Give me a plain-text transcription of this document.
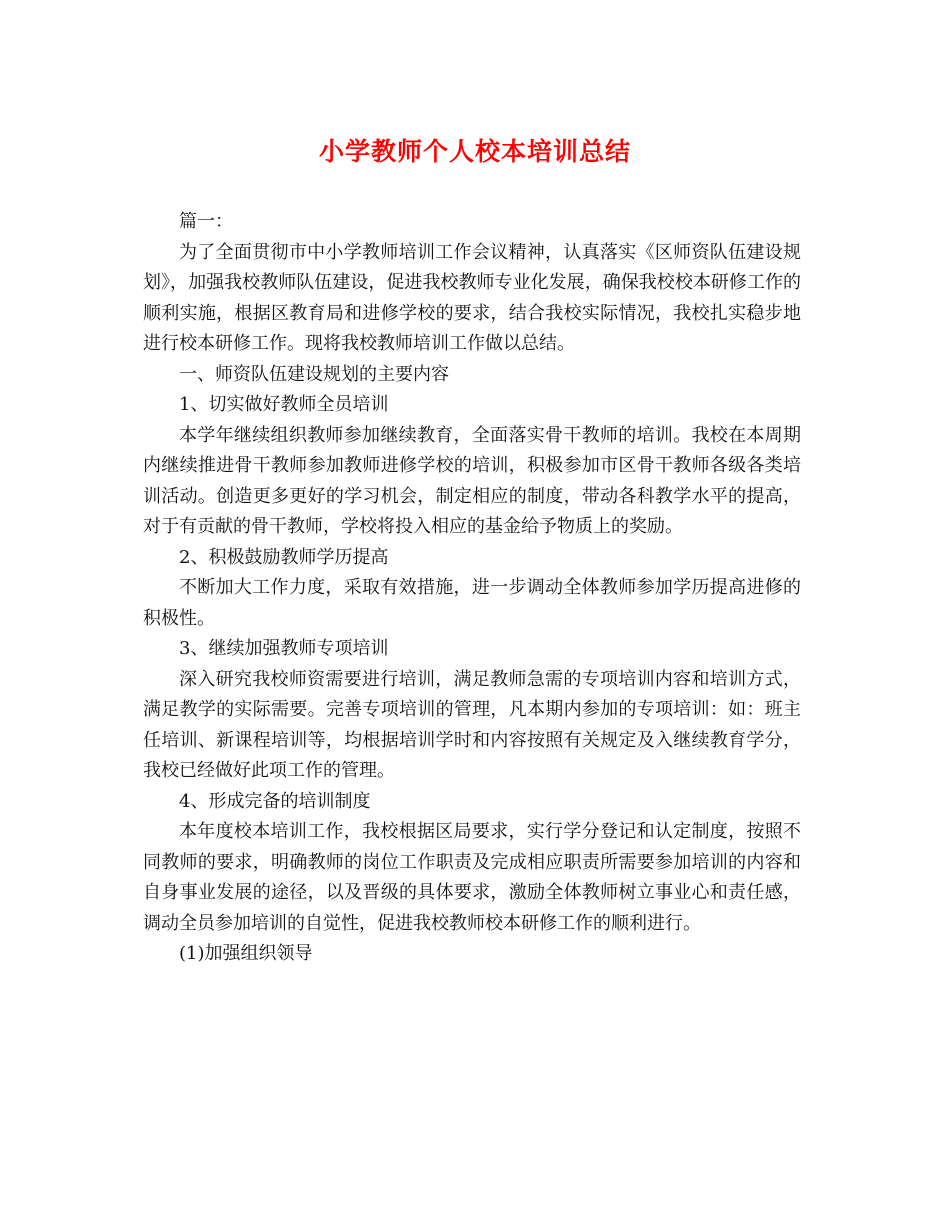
小学教师个人校本培训总结

篇一：

为了全面贯彻市中小学教师培训工作会议精神，认真落实《区师资队伍建设规划》，加强我校教师队伍建设，促进我校教师专业化发展，确保我校校本研修工作的顺利实施，根据区教育局和进修学校的要求，结合我校实际情况，我校扎实稳步地进行校本研修工作。现将我校教师培训工作做以总结。

一、师资队伍建设规划的主要内容

1、切实做好教师全员培训

本学年继续组织教师参加继续教育，全面落实骨干教师的培训。我校在本周期内继续推进骨干教师参加教师进修学校的培训，积极参加市区骨干教师各级各类培训活动。创造更多更好的学习机会，制定相应的制度，带动各科教学水平的提高，对于有贡献的骨干教师，学校将投入相应的基金给予物质上的奖励。

2、积极鼓励教师学历提高

不断加大工作力度，采取有效措施，进一步调动全体教师参加学历提高进修的积极性。

3、继续加强教师专项培训

深入研究我校师资需要进行培训，满足教师急需的专项培训内容和培训方式，满足教学的实际需要。完善专项培训的管理，凡本期内参加的专项培训：如：班主任培训、新课程培训等，均根据培训学时和内容按照有关规定及入继续教育学分，我校已经做好此项工作的管理。

4、形成完备的培训制度

本年度校本培训工作，我校根据区局要求，实行学分登记和认定制度，按照不同教师的要求，明确教师的岗位工作职责及完成相应职责所需要参加培训的内容和自身事业发展的途径，以及晋级的具体要求，激励全体教师树立事业心和责任感，调动全员参加培训的自觉性，促进我校教师校本研修工作的顺利进行。

(1)加强组织领导
